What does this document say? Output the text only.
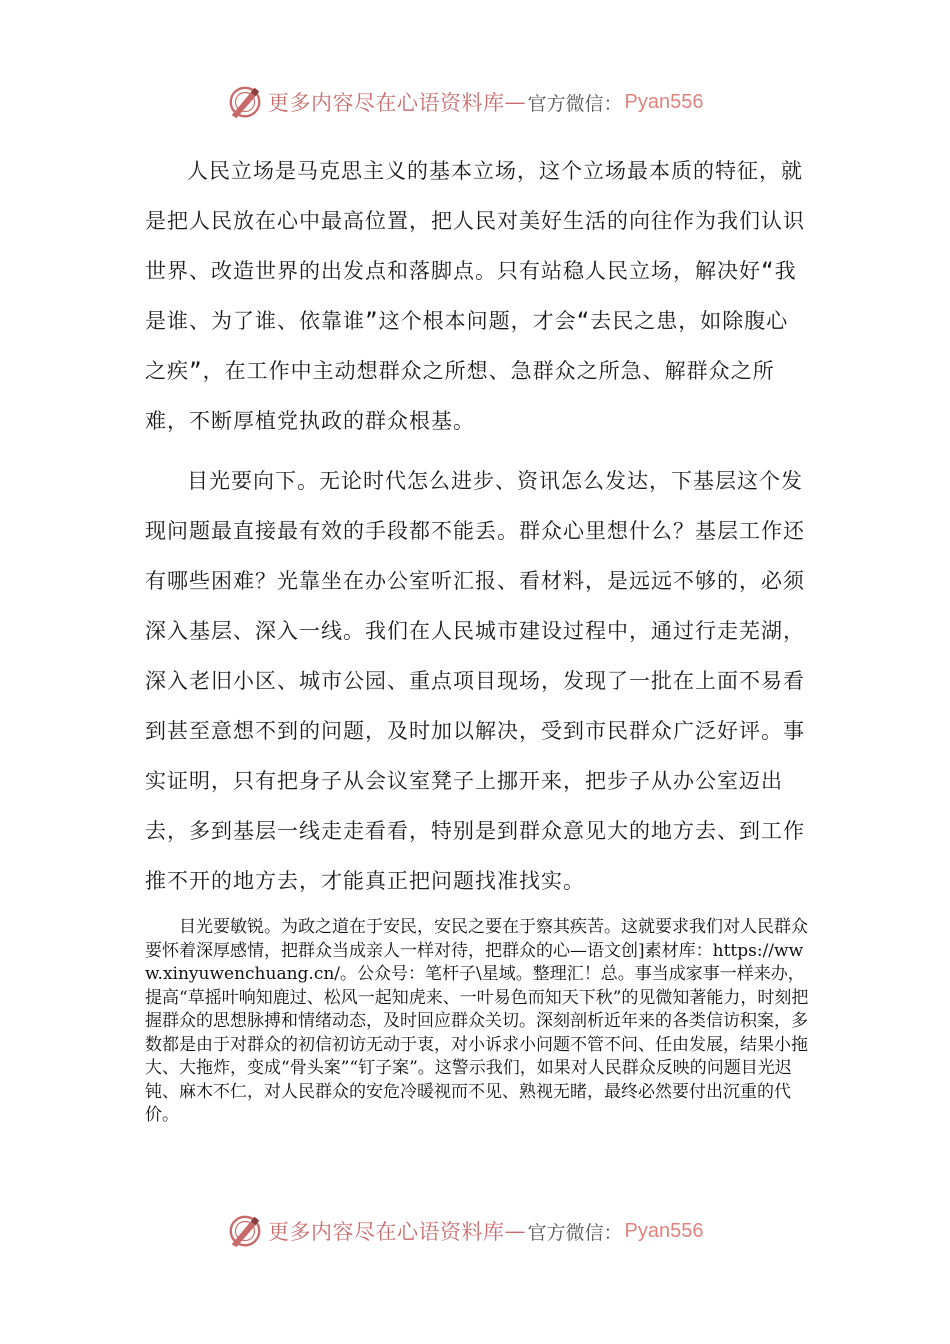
更多内容尽在心语资料库 — 官方微信： Pyan556

人民立场是马克思主义的基本立场，这个立场最本质的特征，就是把人民放在心中最高位置，把人民对美好生活的向往作为我们认识世界、改造世界的出发点和落脚点。只有站稳人民立场，解决好“我是谁、为了谁、依靠谁”这个根本问题，才会“去民之患，如除腹心之疾”，在工作中主动想群众之所想、急群众之所急、解群众之所难，不断厚植党执政的群众根基。

目光要向下。无论时代怎么进步、资讯怎么发达，下基层这个发现问题最直接最有效的手段都不能丢。群众心里想什么？基层工作还有哪些困难？光靠坐在办公室听汇报、看材料，是远远不够的，必须深入基层、深入一线。我们在人民城市建设过程中，通过行走芜湖，深入老旧小区、城市公园、重点项目现场，发现了一批在上面不易看到甚至意想不到的问题，及时加以解决，受到市民群众广泛好评。事实证明，只有把身子从会议室凳子上挪开来，把步子从办公室迈出去，多到基层一线走走看看，特别是到群众意见大的地方去、到工作推不开的地方去，才能真正把问题找准找实。

目光要敏锐。为政之道在于安民，安民之要在于察其疾苦。这就要求我们对人民群众要怀着深厚感情，把群众当成亲人一样对待，把群众的心—语文创]素材库：https://www.xinyuwenchuang.cn/。公众号：笔杆子\星域。整理汇！总。事当成家事一样来办，提高“草摇叶响知鹿过、松风一起知虎来、一叶易色而知天下秋”的见微知著能力，时刻把握群众的思想脉搏和情绪动态，及时回应群众关切。深刻剖析近年来的各类信访积案，多数都是由于对群众的初信初访无动于衷，对小诉求小问题不管不问、任由发展，结果小拖大、大拖炸，变成“骨头案”“钉子案”。这警示我们，如果对人民群众反映的问题目光迟钝、麻木不仁，对人民群众的安危冷暖视而不见、熟视无睹，最终必然要付出沉重的代价。

更多内容尽在心语资料库 — 官方微信： Pyan556
